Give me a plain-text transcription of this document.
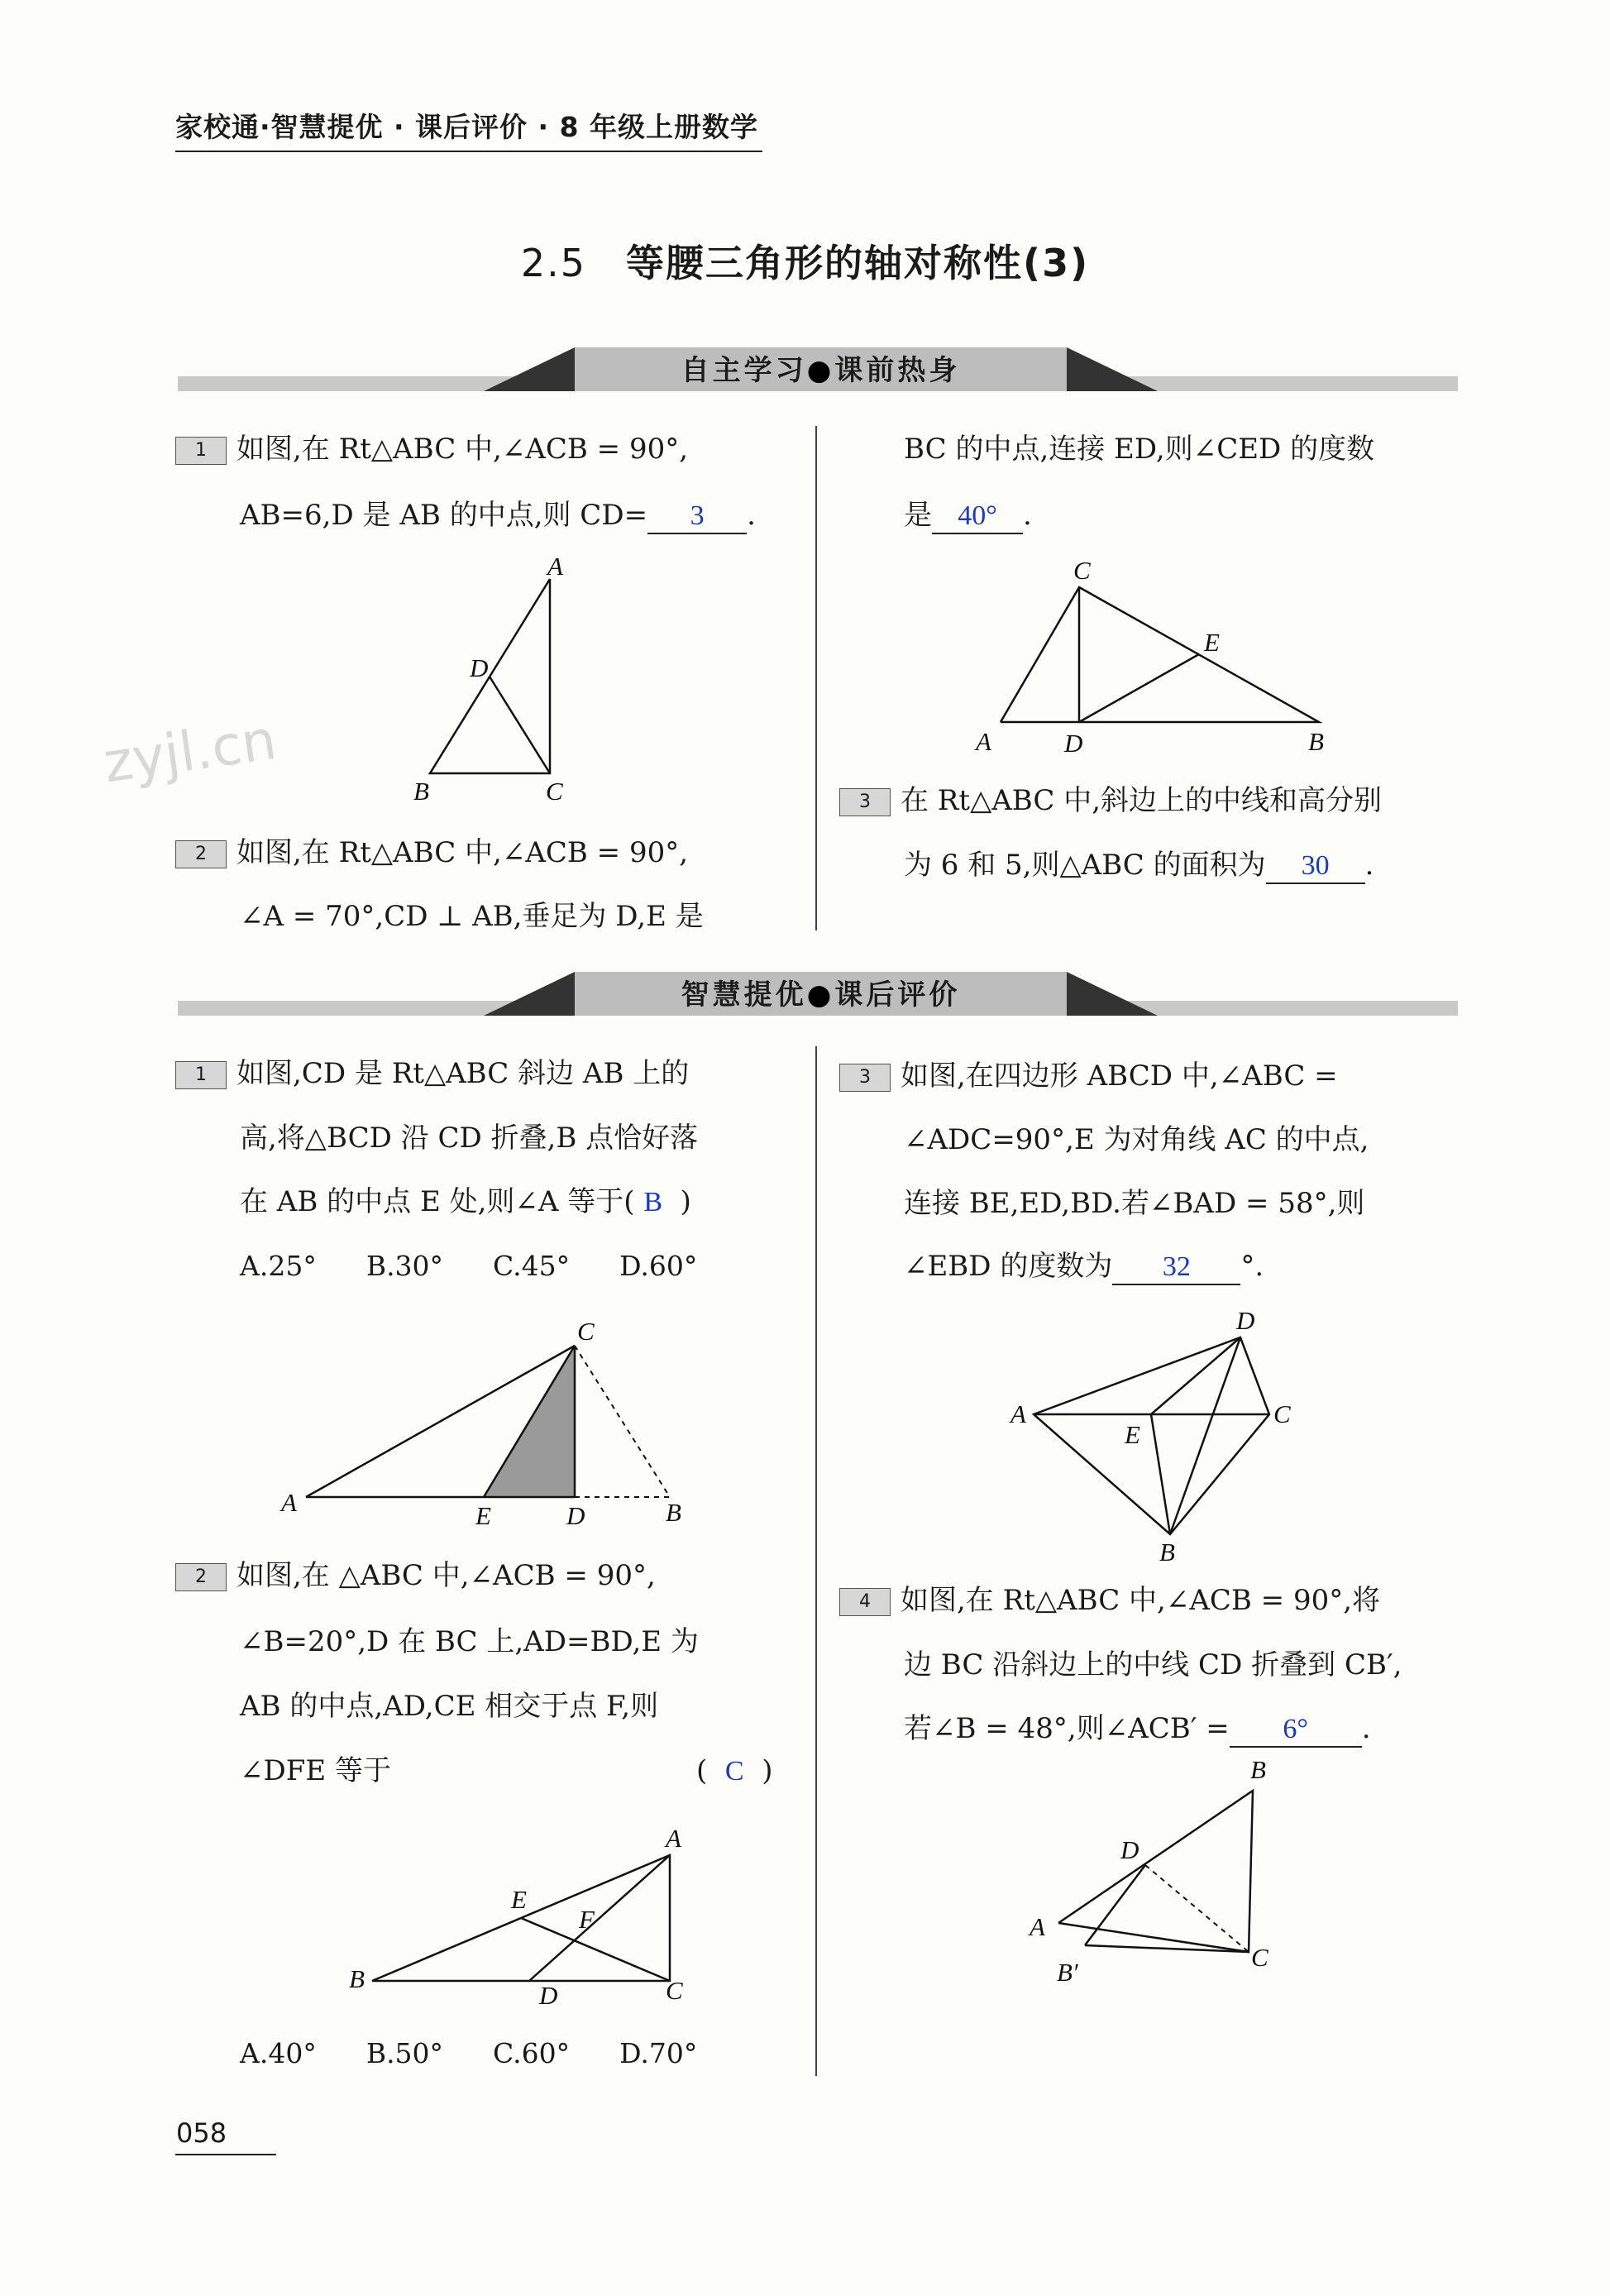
家校通·智慧提优 · 课后评价 · 8 年级上册数学
2.5 等腰三角形的轴对称性(3)
zyjl.cn
自主学习●课前热身
1 如图,在 Rt△ABC 中,∠ACB = 90°,
AB=6,D 是 AB 的中点,则 CD= 3 .
A
B	C
D
2 如图,在 Rt△ABC 中,∠ACB = 90°,
∠A = 70°,CD ⊥ AB,垂足为 D,E 是
BC 的中点,连接 ED,则∠CED 的度数
是 40° .
C
E
A	D	B
3 在 Rt△ABC 中,斜边上的中线和高分别
为 6 和 5,则△ABC 的面积为 30 .
智慧提优●课后评价
1 如图,CD 是 Rt△ABC 斜边 AB 上的
高,将△BCD 沿 CD 折叠,B 点恰好落
在 AB 的中点 E 处,则∠A 等于( B )
A.25° B.30° C.45° D.60°
C
A	E	D	B
2 如图,在 △ABC 中,∠ACB = 90°,
∠B=20°,D 在 BC 上,AD=BD,E 为
AB 的中点,AD,CE 相交于点 F,则
∠DFE 等于	( C )
A
E
F
B
D	C
A.40° B.50° C.60° D.70°
3 如图,在四边形 ABCD 中,∠ABC =
∠ADC=90°,E 为对角线 AC 的中点,
连接 BE,ED,BD.若∠BAD = 58°,则
∠EBD 的度数为 32 °.
D
A	C
E
B
4 如图,在 Rt△ABC 中,∠ACB = 90°,将
边 BC 沿斜边上的中线 CD 折叠到 CB′,
若∠B = 48°,则∠ACB′ = 6° .
B
D
A
C
B′
058
